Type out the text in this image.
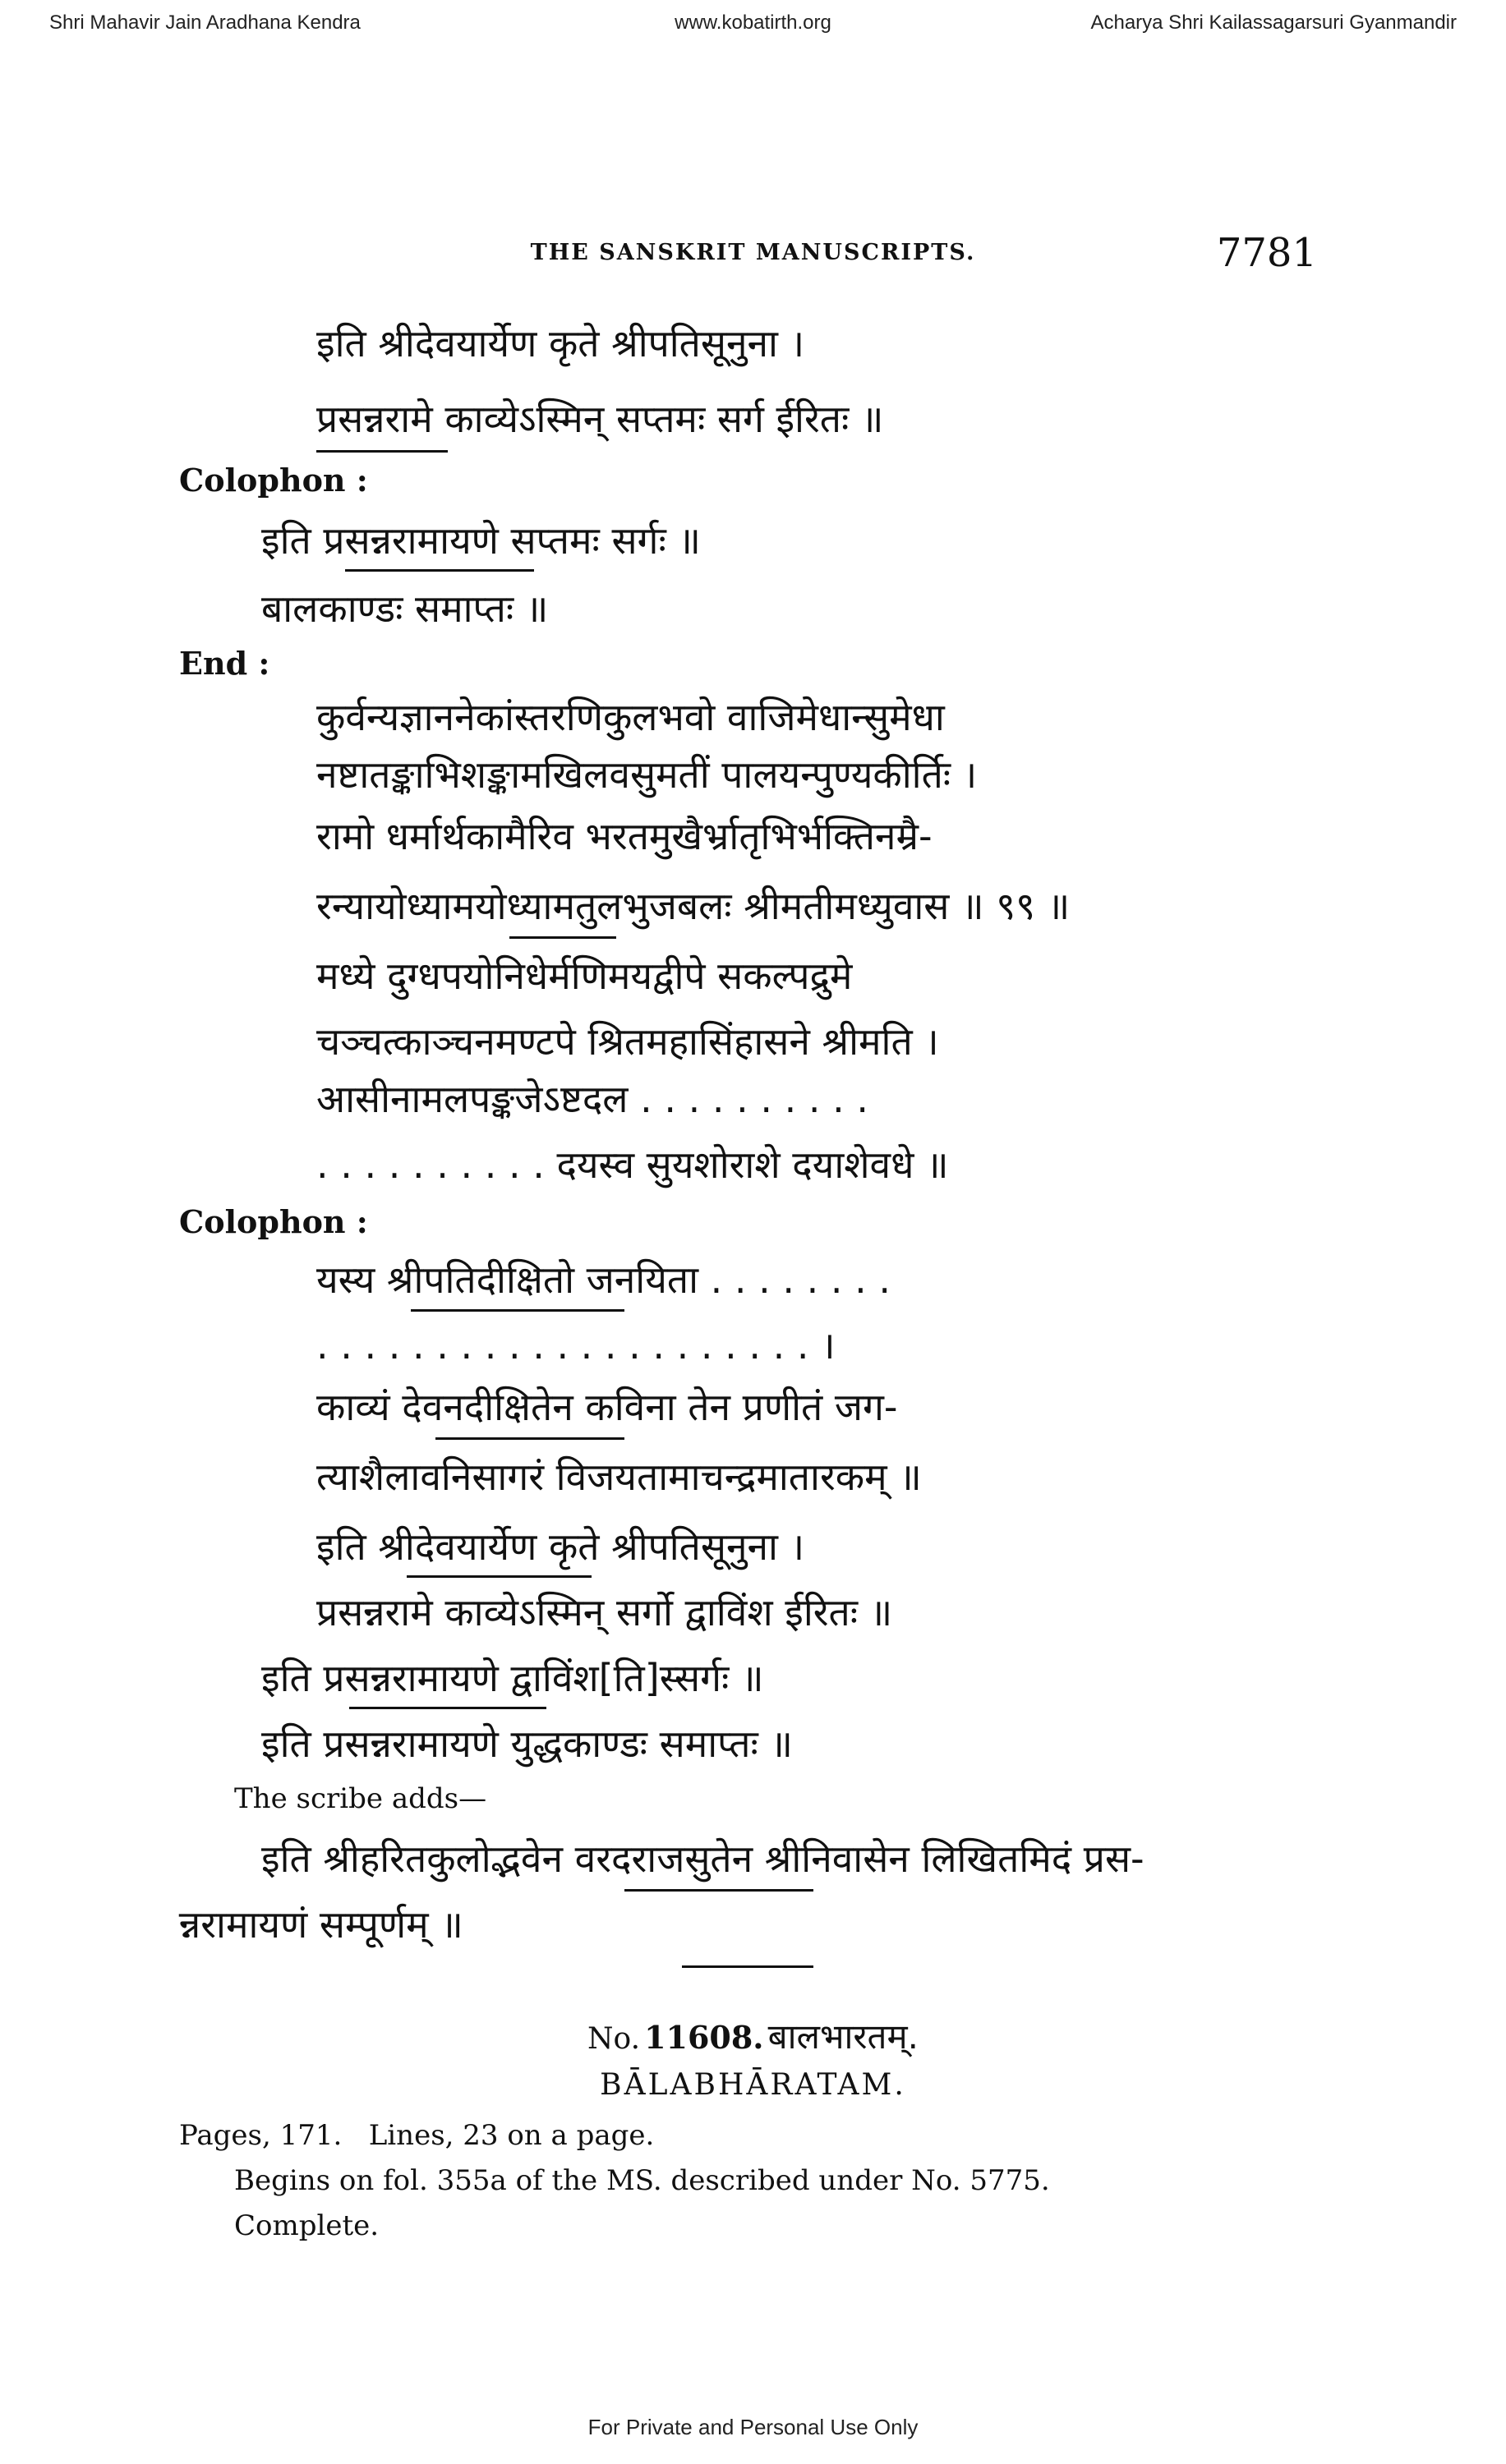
Shri Mahavir Jain Aradhana Kendra	www.kobatirth.org	Acharya Shri Kailassagarsuri Gyanmandir
THE SANSKRIT MANUSCRIPTS.	7781
इति श्रीदेवयार्येण कृते श्रीपतिसूनुना ।
प्रसन्नरामे काव्येऽस्मिन् सप्तमः सर्ग ईरितः ॥
Colophon :
इति प्रसन्नरामायणे सप्तमः सर्गः ॥
बालकाण्डः समाप्तः ॥
End :
कुर्वन्यज्ञाननेकांस्तरणिकुलभवो वाजिमेधान्सुमेधा
नष्टातङ्काभिशङ्कामखिलवसुमतीं पालयन्पुण्यकीर्तिः ।
रामो धर्मार्थकामैरिव भरतमुखैर्भ्रातृभिर्भक्तिनम्रै-
रन्यायोध्यामयोध्यामतुलभुजबलः श्रीमतीमध्युवास ॥ ९९ ॥
मध्ये दुग्धपयोनिधेर्मणिमयद्वीपे सकल्पद्रुमे
चञ्चत्काञ्चनमण्टपे श्रितमहासिंहासने श्रीमति ।
आसीनामलपङ्कजेऽष्टदल . . . . . . . . . .
. . . . . . . . . . दयस्व सुयशोराशे दयाशेवधे ॥
Colophon :
यस्य श्रीपतिदीक्षितो जनयिता . . . . . . . .
. . . . . . . . . . . . . . . . . . . . . ।
काव्यं देवनदीक्षितेन कविना तेन प्रणीतं जग-
त्याशैलावनिसागरं विजयतामाचन्द्रमातारकम् ॥
इति श्रीदेवयार्येण कृते श्रीपतिसूनुना ।
प्रसन्नरामे काव्येऽस्मिन् सर्गो द्वाविंश ईरितः ॥
इति प्रसन्नरामायणे द्वाविंश[ति]स्सर्गः ॥
इति प्रसन्नरामायणे युद्धकाण्डः समाप्तः ॥
The scribe adds—
इति श्रीहरितकुलोद्भवेन वरदराजसुतेन श्रीनिवासेन लिखितमिदं प्रस-
न्नरामायणं सम्पूर्णम् ॥
No. 11608. बालभारतम्.
BĀLABHĀRATAM.
Pages, 171. Lines, 23 on a page.
Begins on fol. 355a of the MS. described under No. 5775.
Complete.
For Private and Personal Use Only
